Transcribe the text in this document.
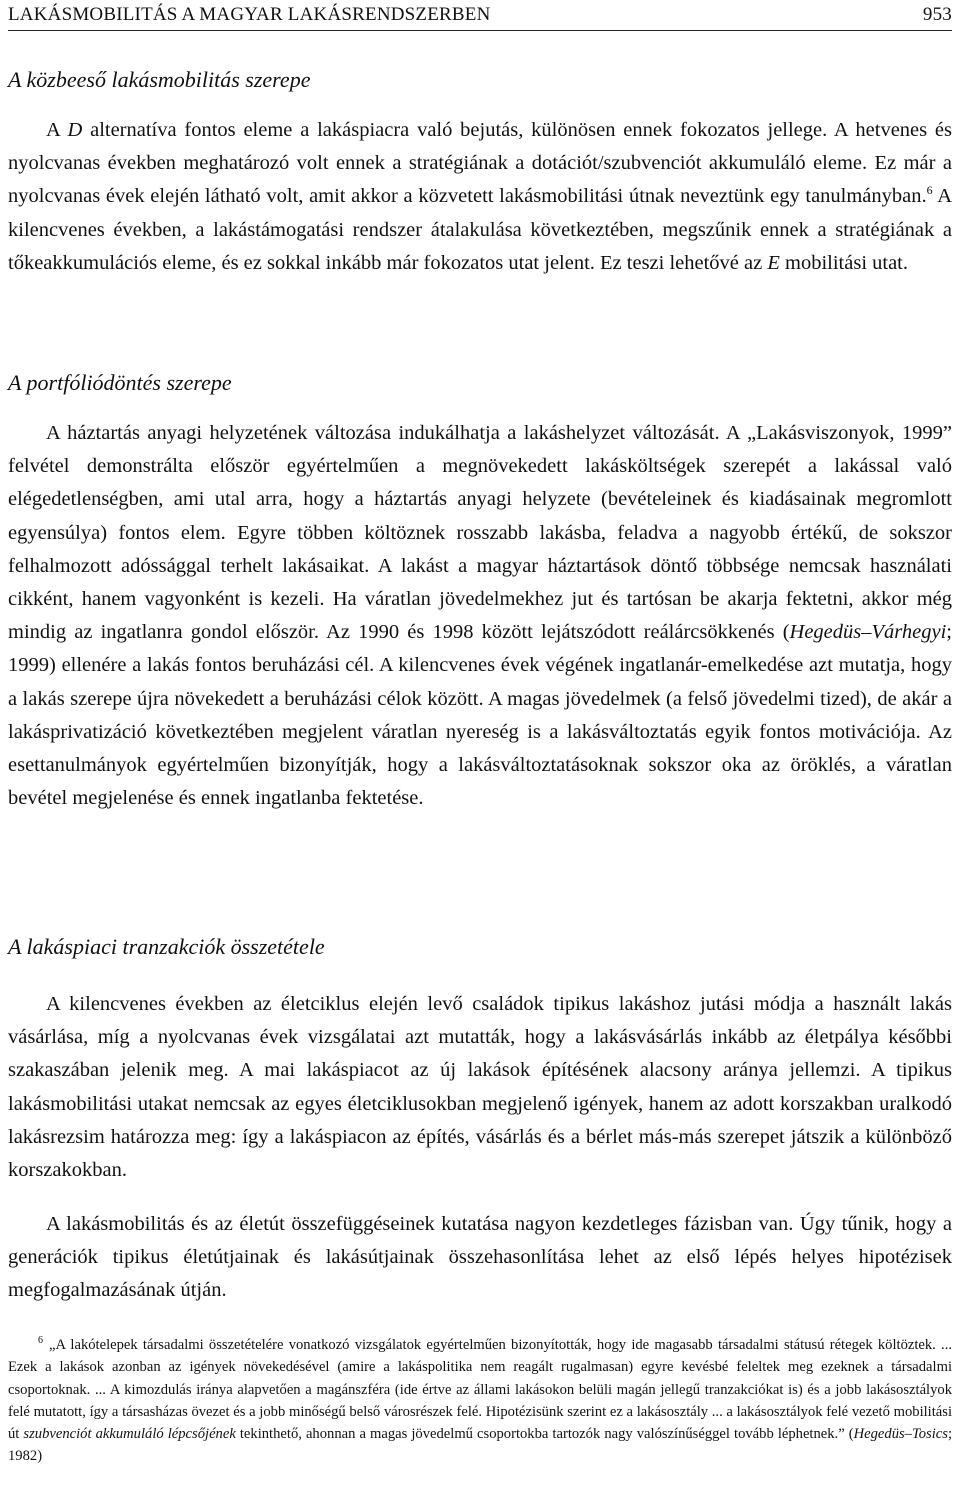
LAKÁSMOBILITÁS A MAGYAR LAKÁSRENDSZERBEN	953
A közbeeső lakásmobilitás szerepe

A D alternatíva fontos eleme a lakáspiacra való bejutás, különösen ennek fokozatos jellege. A hetvenes és nyolcvanas években meghatározó volt ennek a stratégiának a dotációt/szubvenciót akkumuláló eleme. Ez már a nyolcvanas évek elején látható volt, amit akkor a közvetett lakásmobilitási útnak neveztünk egy tanulmányban.$^6$ A kilencvenes években, a lakástámogatási rendszer átalakulása következtében, megszűnik ennek a stratégiának a tőkeakkumulációs eleme, és ez sokkal inkább már fokozatos utat jelent. Ez teszi lehetővé az E mobilitási utat.

A portfóliódöntés szerepe

A háztartás anyagi helyzetének változása indukálhatja a lakáshelyzet változását. A „Lakásviszonyok, 1999” felvétel demonstrálta először egyértelműen a megnövekedett lakásköltségek szerepét a lakással való elégedetlenségben, ami utal arra, hogy a háztartás anyagi helyzete (bevételeinek és kiadásainak megromlott egyensúlya) fontos elem. Egyre többen költöznek rosszabb lakásba, feladva a nagyobb értékű, de sokszor felhalmozott adóssággal terhelt lakásaikat. A lakást a magyar háztartások döntő többsége nemcsak használati cikként, hanem vagyonként is kezeli. Ha váratlan jövedelmekhez jut és tartósan be akarja fektetni, akkor még mindig az ingatlanra gondol először. Az 1990 és 1998 között lejátszódott reálárcsökkenés (Hegedüs–Várhegyi; 1999) ellenére a lakás fontos beruházási cél. A kilencvenes évek végének ingatlanár-emelkedése azt mutatja, hogy a lakás szerepe újra növekedett a beruházási célok között. A magas jövedelmek (a felső jövedelmi tized), de akár a lakásprivatizáció következtében megjelent váratlan nyereség is a lakásváltoztatás egyik fontos motivációja. Az esettanulmányok egyértelműen bizonyítják, hogy a lakásváltoztatásoknak sokszor oka az öröklés, a váratlan bevétel megjelenése és ennek ingatlanba fektetése.

A lakáspiaci tranzakciók összetétele

A kilencvenes években az életciklus elején levő családok tipikus lakáshoz jutási módja a használt lakás vásárlása, míg a nyolcvanas évek vizsgálatai azt mutatták, hogy a lakásvásárlás inkább az életpálya későbbi szakaszában jelenik meg. A mai lakáspiacot az új lakások építésének alacsony aránya jellemzi. A tipikus lakásmobilitási utakat nemcsak az egyes életciklusokban megjelenő igények, hanem az adott korszakban uralkodó lakásrezsim határozza meg: így a lakáspiacon az építés, vásárlás és a bérlet más-más szerepet játszik a különböző korszakokban.

A lakásmobilitás és az életút összefüggéseinek kutatása nagyon kezdetleges fázisban van. Úgy tűnik, hogy a generációk tipikus életútjainak és lakásútjainak összehasonlítása lehet az első lépés helyes hipotézisek megfogalmazásának útján.

$^6$ „A lakótelepek társadalmi összetételére vonatkozó vizsgálatok egyértelműen bizonyították, hogy ide magasabb társadalmi státusú rétegek költöztek. ... Ezek a lakások azonban az igények növekedésével (amire a lakáspolitika nem reagált rugalmasan) egyre kevésbé feleltek meg ezeknek a társadalmi csoportoknak. ... A kimozdulás iránya alapvetően a magánszféra (ide értve az állami lakásokon belüli magán jellegű tranzakciókat is) és a jobb lakásosztályok felé mutatott, így a társasházas övezet és a jobb minőségű belső városrészek felé. Hipotézisünk szerint ez a lakásosztály ... a lakásosztályok felé vezető mobilitási út szubvenciót akkumuláló lépcsőjének tekinthető, ahonnan a magas jövedelmű csoportokba tartozók nagy valószínűséggel tovább léphetnek.” (Hegedüs–Tosics; 1982)
